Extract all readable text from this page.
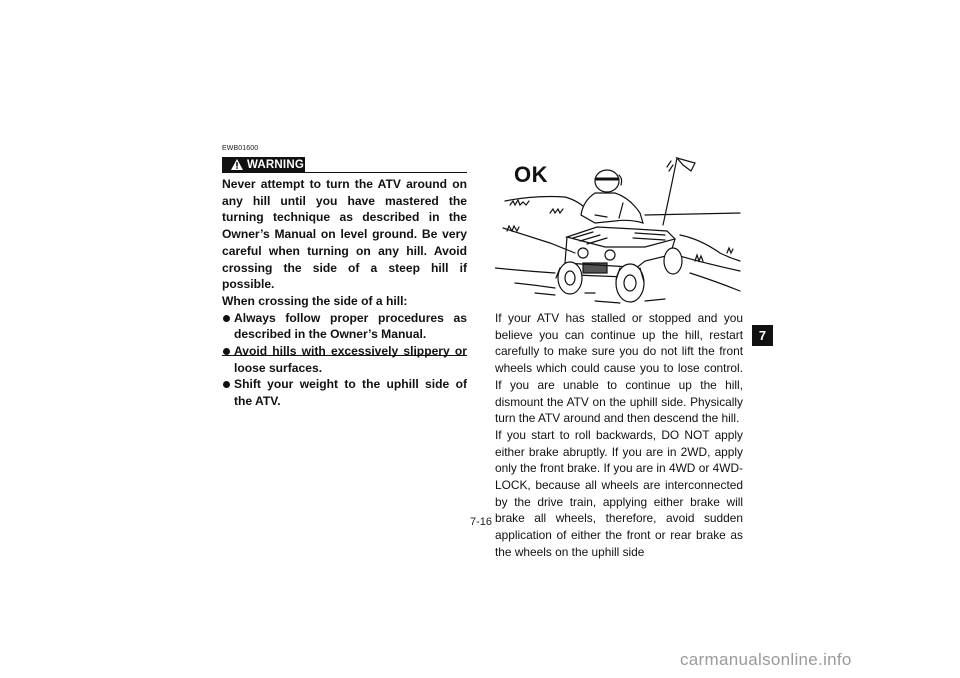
EWB01600
WARNING

Never attempt to turn the ATV around on any hill until you have mastered the turning technique as described in the Owner’s Manual on level ground. Be very careful when turning on any hill. Avoid crossing the side of a steep hill if possible.

When crossing the side of a hill:

Always follow proper procedures as described in the Owner’s Manual.
Avoid hills with excessively slippery or loose surfaces.
Shift your weight to the uphill side of the ATV.
OK

If your ATV has stalled or stopped and you believe you can continue up the hill, restart carefully to make sure you do not lift the front wheels which could cause you to lose control. If you are unable to continue up the hill, dismount the ATV on the uphill side. Physically turn the ATV around and then descend the hill.

If you start to roll backwards, DO NOT apply either brake abruptly. If you are in 2WD, apply only the front brake. If you are in 4WD or 4WD-LOCK, because all wheels are interconnected by the drive train, applying either brake will brake all wheels, therefore, avoid sudden application of either the front or rear brake as the wheels on the uphill side

7
7-16
carmanualsonline.info
